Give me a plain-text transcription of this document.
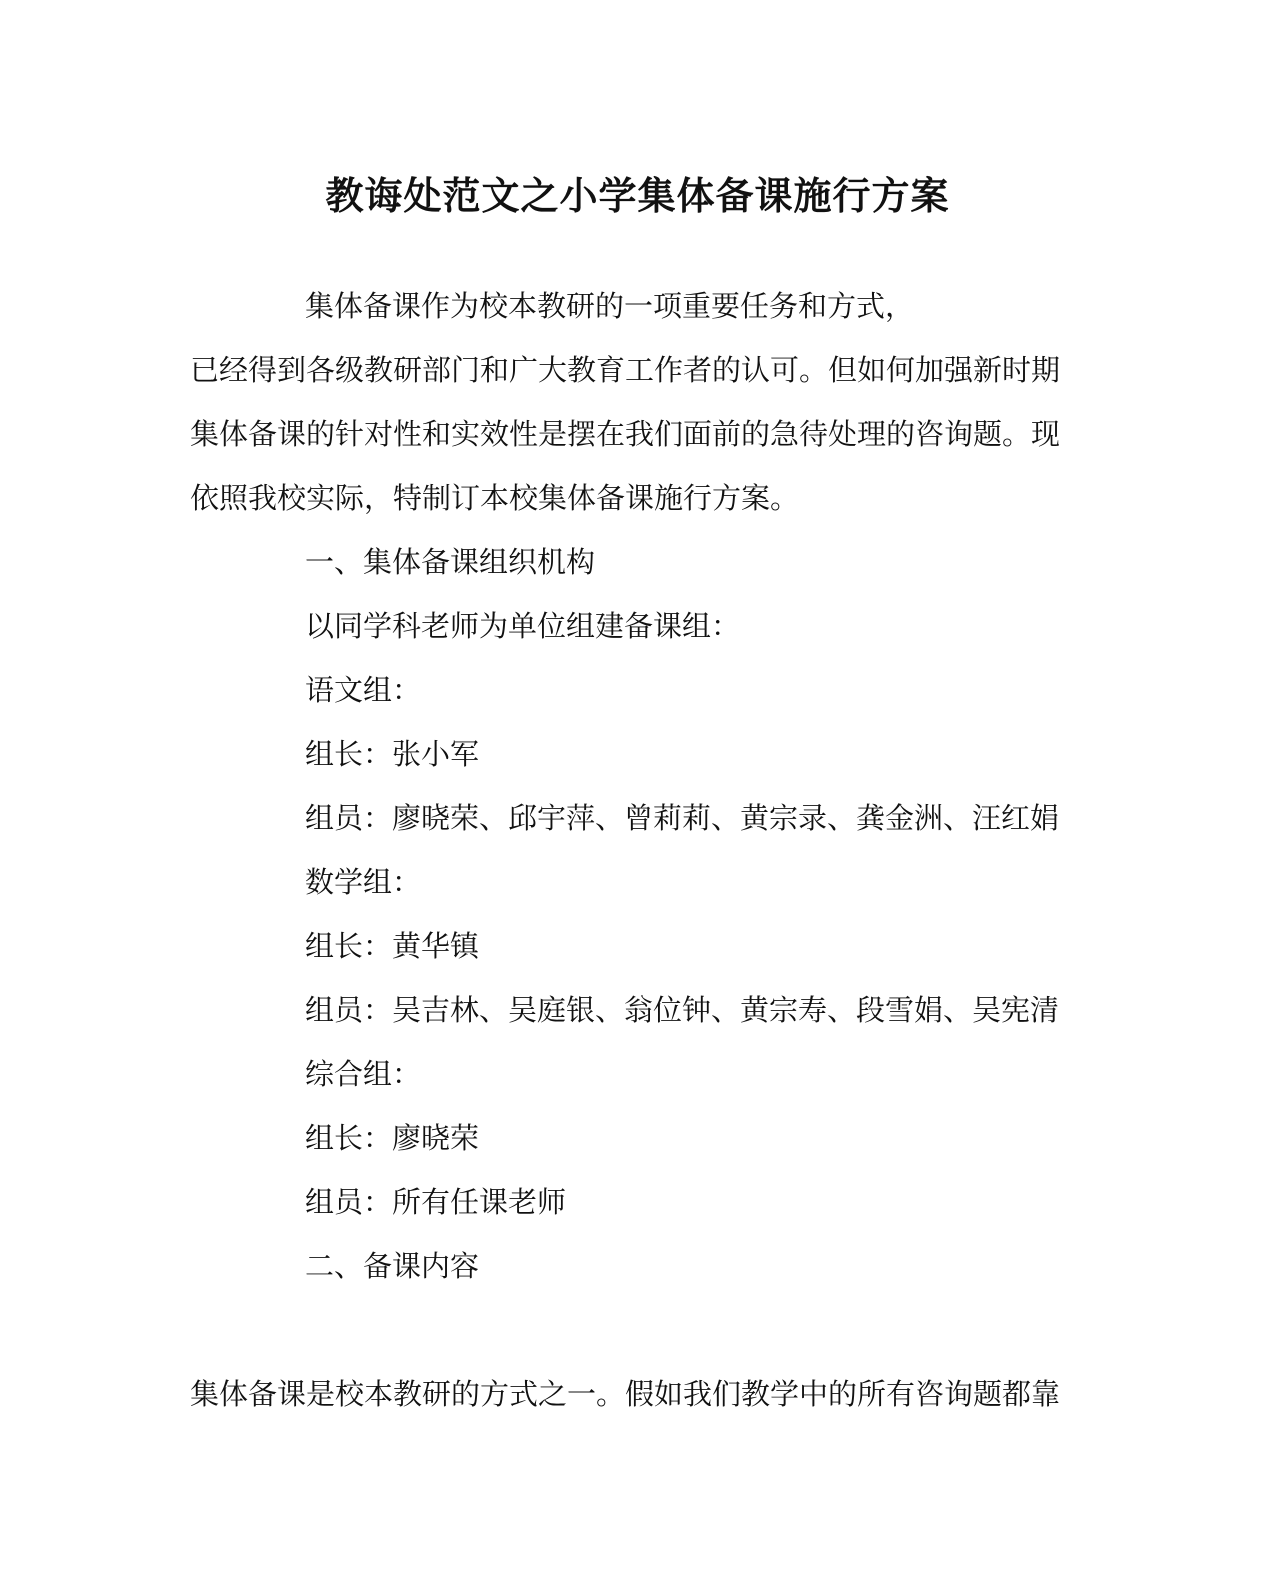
教诲处范文之小学集体备课施行方案
集体备课作为校本教研的一项重要任务和方式，
已经得到各级教研部门和广大教育工作者的认可。但如何加强新时期
集体备课的针对性和实效性是摆在我们面前的急待处理的咨询题。现
依照我校实际，特制订本校集体备课施行方案。
一、集体备课组织机构
以同学科老师为单位组建备课组：
语文组：
组长：张小军
组员：廖晓荣、邱宇萍、曾莉莉、黄宗录、龚金洲、汪红娟
数学组：
组长：黄华镇
组员：吴吉林、吴庭银、翁位钟、黄宗寿、段雪娟、吴宪清
综合组：
组长：廖晓荣
组员：所有任课老师
二、备课内容
集体备课是校本教研的方式之一。假如我们教学中的所有咨询题都靠
